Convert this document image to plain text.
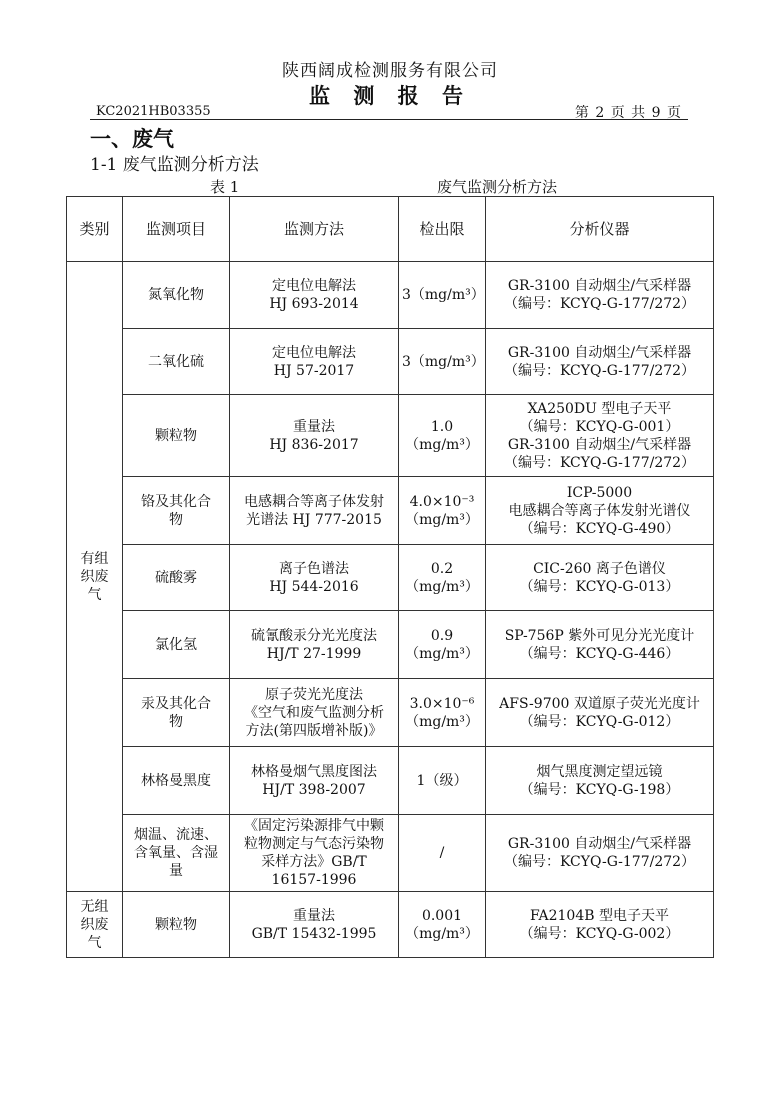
陕西阔成检测服务有限公司
监 测 报 告
KC2021HB03355	第 2 页 共 9 页
一、废气
1-1 废气监测分析方法
表 1	废气监测分析方法
类别	监测项目	监测方法	检出限	分析仪器

有组
织废
气	氮氧化物	定电位电解法
HJ 693-2014	3（mg/m³）	GR-3100 自动烟尘/气采样器
（编号：KCYQ-G-177/272）

	二氧化硫	定电位电解法
HJ 57-2017	3（mg/m³）	GR-3100 自动烟尘/气采样器
（编号：KCYQ-G-177/272）

	颗粒物	重量法
HJ 836-2017	1.0
（mg/m³）	XA250DU 型电子天平
（编号：KCYQ-G-001）
GR-3100 自动烟尘/气采样器
（编号：KCYQ-G-177/272）

	铬及其化合
物	电感耦合等离子体发射
光谱法 HJ 777-2015	4.0×10⁻³
（mg/m³）	ICP-5000
电感耦合等离子体发射光谱仪
（编号：KCYQ-G-490）

	硫酸雾	离子色谱法
HJ 544-2016	0.2
（mg/m³）	CIC-260 离子色谱仪
（编号：KCYQ-G-013）

	氯化氢	硫氰酸汞分光光度法
HJ/T 27-1999	0.9
（mg/m³）	SP-756P 紫外可见分光光度计
（编号：KCYQ-G-446）

	汞及其化合
物	原子荧光光度法
《空气和废气监测分析
方法(第四版增补版)》	3.0×10⁻⁶
（mg/m³）	AFS-9700 双道原子荧光光度计
（编号：KCYQ-G-012）

	林格曼黑度	林格曼烟气黑度图法
HJ/T 398-2007	1（级）	烟气黑度测定望远镜
（编号：KCYQ-G-198）

	烟温、流速、
含氧量、含湿
量	《固定污染源排气中颗
粒物测定与气态污染物
采样方法》GB/T
16157-1996	/	GR-3100 自动烟尘/气采样器
（编号：KCYQ-G-177/272）

无组
织废
气	颗粒物	重量法
GB/T 15432-1995	0.001
（mg/m³）	FA2104B 型电子天平
（编号：KCYQ-G-002）
